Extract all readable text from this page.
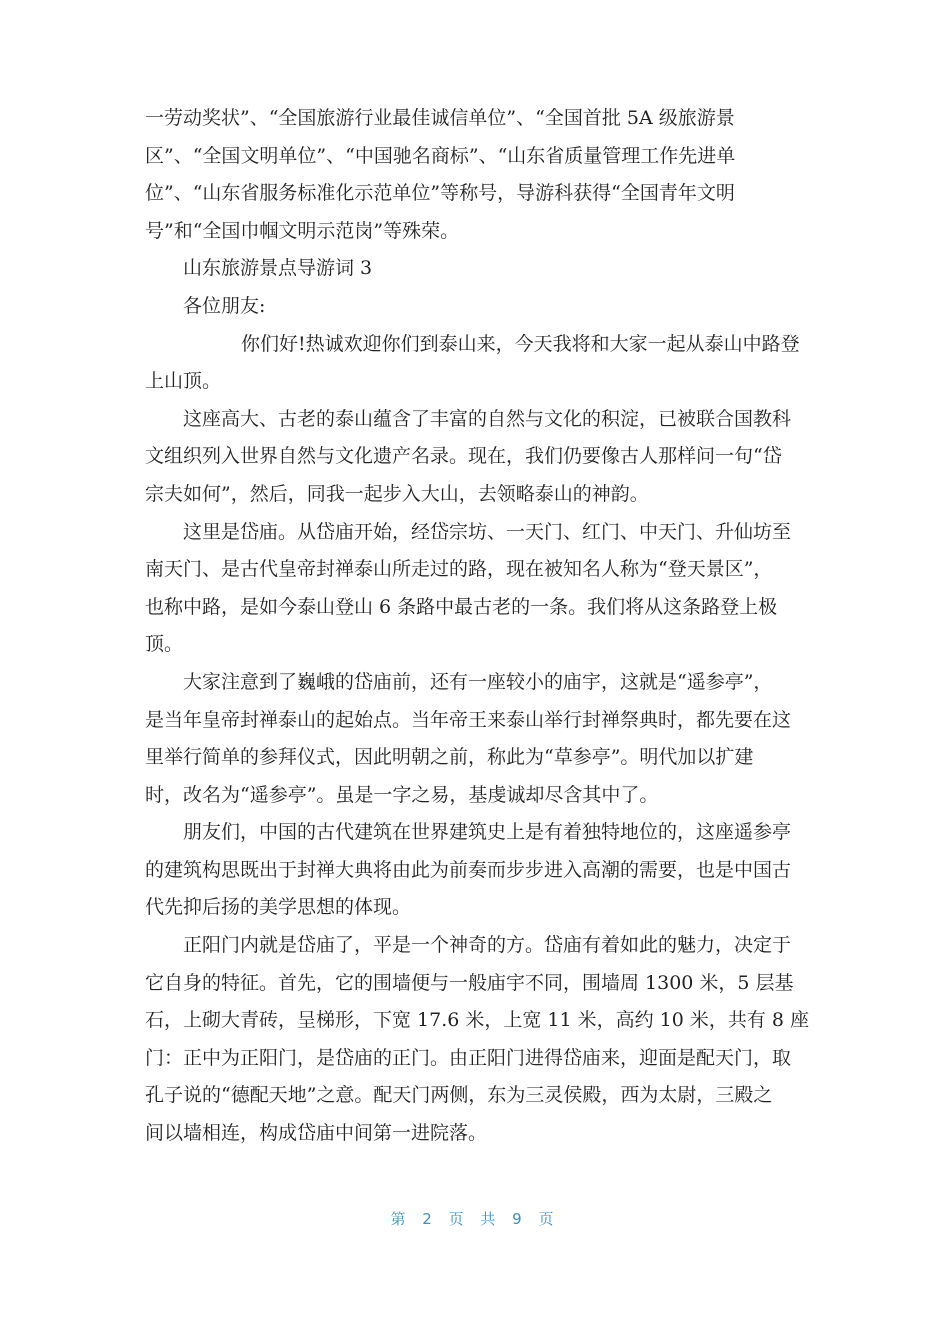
一劳动奖状”、“全国旅游行业最佳诚信单位”、“全国首批 5A 级旅游景
区”、“全国文明单位”、“中国驰名商标”、“山东省质量管理工作先进单
位”、“山东省服务标准化示范单位”等称号，导游科获得“全国青年文明
号”和“全国巾帼文明示范岗”等殊荣。
山东旅游景点导游词 3
各位朋友:
你们好!热诚欢迎你们到泰山来，今天我将和大家一起从泰山中路登
上山顶。
这座高大、古老的泰山蕴含了丰富的自然与文化的积淀，已被联合国教科
文组织列入世界自然与文化遗产名录。现在，我们仍要像古人那样问一句“岱
宗夫如何”，然后，同我一起步入大山，去领略泰山的神韵。
这里是岱庙。从岱庙开始，经岱宗坊、一天门、红门、中天门、升仙坊至
南天门、是古代皇帝封禅泰山所走过的路，现在被知名人称为“登天景区”，
也称中路，是如今泰山登山 6 条路中最古老的一条。我们将从这条路登上极
顶。
大家注意到了巍峨的岱庙前，还有一座较小的庙宇，这就是“遥参亭”，
是当年皇帝封禅泰山的起始点。当年帝王来泰山举行封禅祭典时，都先要在这
里举行简单的参拜仪式，因此明朝之前，称此为“草参亭”。明代加以扩建
时，改名为“遥参亭”。虽是一字之易，基虔诚却尽含其中了。
朋友们，中国的古代建筑在世界建筑史上是有着独特地位的，这座遥参亭
的建筑构思既出于封禅大典将由此为前奏而步步进入高潮的需要，也是中国古
代先抑后扬的美学思想的体现。
正阳门内就是岱庙了，平是一个神奇的方。岱庙有着如此的魅力，决定于
它自身的特征。首先，它的围墙便与一般庙宇不同，围墙周 1300 米，5 层基
石，上砌大青砖，呈梯形，下宽 17.6 米，上宽 11 米，高约 10 米，共有 8 座
门：正中为正阳门，是岱庙的正门。由正阳门进得岱庙来，迎面是配天门，取
孔子说的“德配天地”之意。配天门两侧，东为三灵侯殿，西为太尉，三殿之
间以墙相连，构成岱庙中间第一进院落。
第 2 页 共 9 页
